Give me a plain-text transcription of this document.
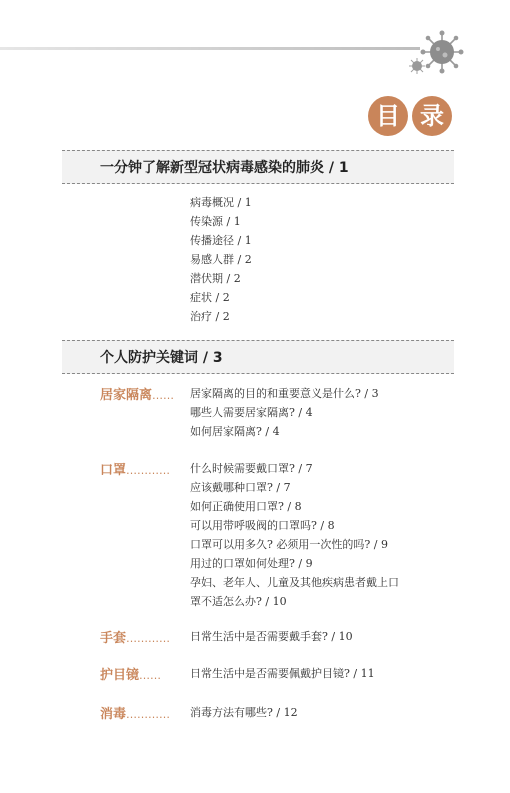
目 录
一分钟了解新型冠状病毒感染的肺炎 / 1
病毒概况 / 1
传染源 / 1
传播途径 / 1
易感人群 / 2
潜伏期 / 2
症状 / 2
治疗 / 2
个人防护关键词 / 3
居家隔离…… 居家隔离的目的和重要意义是什么? / 3
哪些人需要居家隔离? / 4
如何居家隔离? / 4
口罩………… 什么时候需要戴口罩? / 7
应该戴哪种口罩? / 7
如何正确使用口罩? / 8
可以用带呼吸阀的口罩吗? / 8
口罩可以用多久? 必须用一次性的吗? / 9
用过的口罩如何处理? / 9
孕妇、老年人、儿童及其他疾病患者戴上口
罩不适怎么办? / 10
手套………… 日常生活中是否需要戴手套? / 10
护目镜……	日常生活中是否需要佩戴护目镜? / 11
消毒………… 消毒方法有哪些? / 12
